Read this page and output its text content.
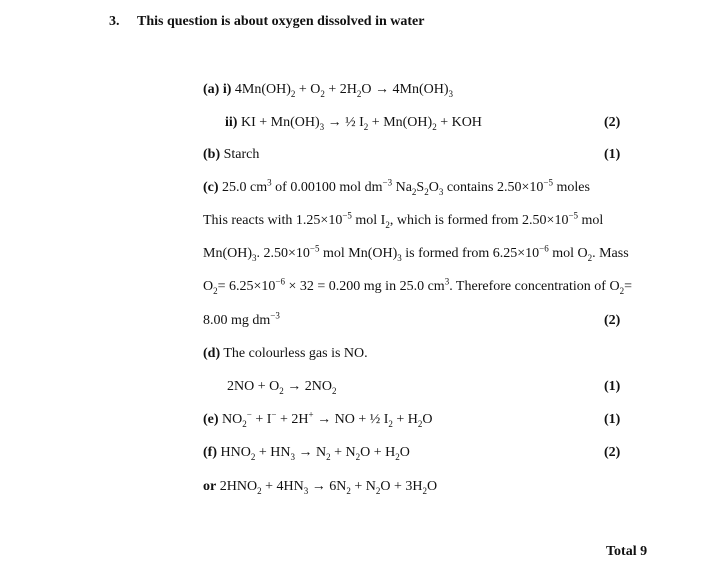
3. This question is about oxygen dissolved in water
(a) i) $4Mn(OH)_2 + O_2 + 2H_2O \to 4Mn(OH)_3$
ii) KI + $Mn(OH)_3$ → ½ $I_2 + Mn(OH)_2$ + KOH	(2)
(b) Starch	(1)
(c) 25.0 $cm^3$ of 0.00100 mol $dm^{-3}$ $Na_2S_2O_3$ contains $2.50\times 10^{-5}$ moles
This reacts with $1.25\times 10^{-5}$ mol $I_2$, which is formed from $2.50\times 10^{-5}$ mol
$Mn(OH)_3$. $2.50\times 10^{-5}$ mol $Mn(OH)_3$ is formed from $6.25\times 10^{-6}$ mol $O_2$. Mass
$O_2= 6.25\times 10^{-6} \times 32 = 0.200$ mg in 25.0 $cm^3$. Therefore concentration of $O_2=$
8.00 mg $dm^{-3}$	(2)
(d) The colourless gas is NO.
$2NO + O_2 \to 2NO_2$	(1)
(e) $NO_2^- + I^- + 2H^+$ → NO + ½ $I_2 + H_2O$	(1)
(f) $HNO_2 + HN_3 \to N_2 + N_2O + H_2O$	(2)
or $2HNO_2 + 4HN_3 \to 6N_2 + N_2O + 3H_2O$
Total 9
